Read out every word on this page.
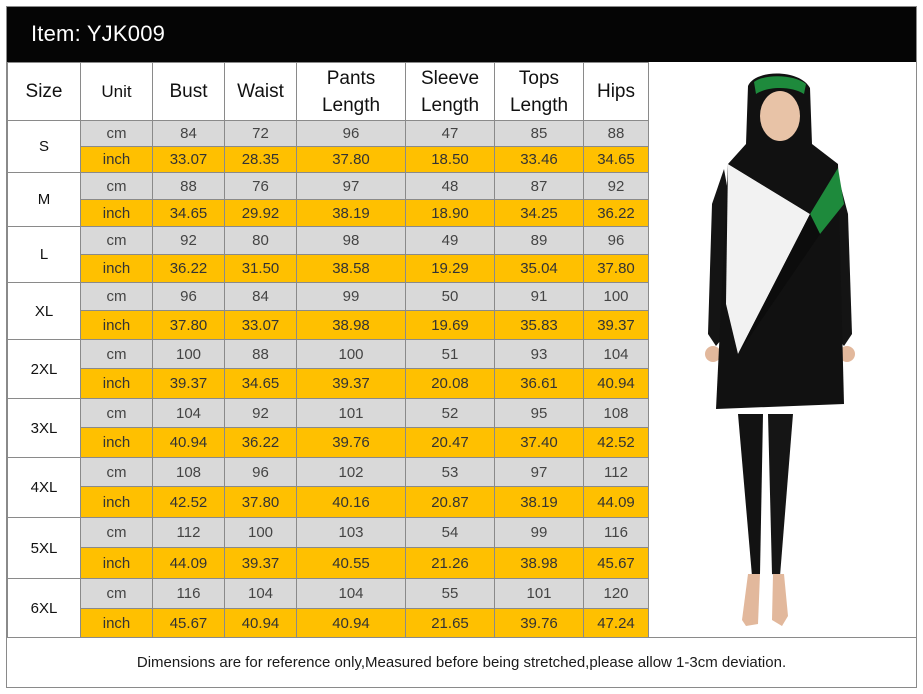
Item: YJK009
Size	Unit	Bust	Waist	Pants Length	Sleeve Length	Tops Length	Hips
S	cm	84	72	96	47	85	88
	inch	33.07	28.35	37.80	18.50	33.46	34.65
M	cm	88	76	97	48	87	92
	inch	34.65	29.92	38.19	18.90	34.25	36.22
L	cm	92	80	98	49	89	96
	inch	36.22	31.50	38.58	19.29	35.04	37.80
XL	cm	96	84	99	50	91	100
	inch	37.80	33.07	38.98	19.69	35.83	39.37
2XL	cm	100	88	100	51	93	104
	inch	39.37	34.65	39.37	20.08	36.61	40.94
3XL	cm	104	92	101	52	95	108
	inch	40.94	36.22	39.76	20.47	37.40	42.52
4XL	cm	108	96	102	53	97	112
	inch	42.52	37.80	40.16	20.87	38.19	44.09
5XL	cm	112	100	103	54	99	116
	inch	44.09	39.37	40.55	21.26	38.98	45.67
6XL	cm	116	104	104	55	101	120
	inch	45.67	40.94	40.94	21.65	39.76	47.24
Dimensions are for reference only,Measured before being stretched,please allow 1-3cm deviation.
